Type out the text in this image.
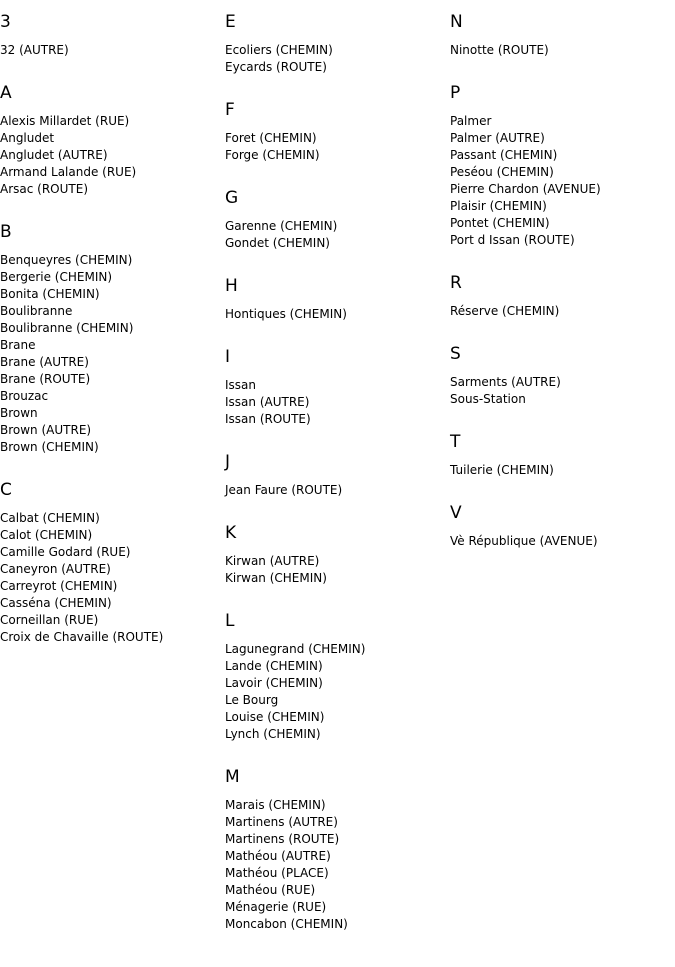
3
32 (AUTRE)
A
Alexis Millardet (RUE)
Angludet
Angludet (AUTRE)
Armand Lalande (RUE)
Arsac (ROUTE)
B
Benqueyres (CHEMIN)
Bergerie (CHEMIN)
Bonita (CHEMIN)
Boulibranne
Boulibranne (CHEMIN)
Brane
Brane (AUTRE)
Brane (ROUTE)
Brouzac
Brown
Brown (AUTRE)
Brown (CHEMIN)
C
Calbat (CHEMIN)
Calot (CHEMIN)
Camille Godard (RUE)
Caneyron (AUTRE)
Carreyrot (CHEMIN)
Casséna (CHEMIN)
Corneillan (RUE)
Croix de Chavaille (ROUTE)
E
Ecoliers (CHEMIN)
Eycards (ROUTE)
F
Foret (CHEMIN)
Forge (CHEMIN)
G
Garenne (CHEMIN)
Gondet (CHEMIN)
H
Hontiques (CHEMIN)
I
Issan
Issan (AUTRE)
Issan (ROUTE)
J
Jean Faure (ROUTE)
K
Kirwan (AUTRE)
Kirwan (CHEMIN)
L
Lagunegrand (CHEMIN)
Lande (CHEMIN)
Lavoir (CHEMIN)
Le Bourg
Louise (CHEMIN)
Lynch (CHEMIN)
M
Marais (CHEMIN)
Martinens (AUTRE)
Martinens (ROUTE)
Mathéou (AUTRE)
Mathéou (PLACE)
Mathéou (RUE)
Ménagerie (RUE)
Moncabon (CHEMIN)
N
Ninotte (ROUTE)
P
Palmer
Palmer (AUTRE)
Passant (CHEMIN)
Peséou (CHEMIN)
Pierre Chardon (AVENUE)
Plaisir (CHEMIN)
Pontet (CHEMIN)
Port d Issan (ROUTE)
R
Réserve (CHEMIN)
S
Sarments (AUTRE)
Sous-Station
T
Tuilerie (CHEMIN)
V
Vè République (AVENUE)
